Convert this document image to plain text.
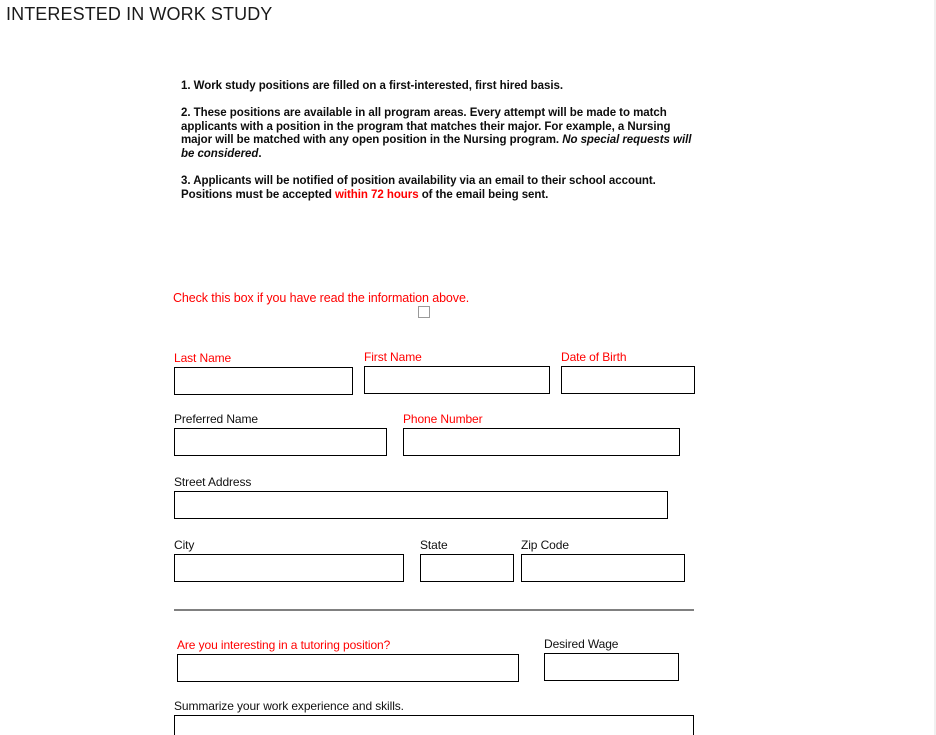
INTERESTED IN WORK STUDY

1. Work study positions are filled on a first-interested, first hired basis.

2. These positions are available in all program areas. Every attempt will be made to match applicants with a position in the program that matches their major. For example, a Nursing major will be matched with any open position in the Nursing program. No special requests will be considered.

3. Applicants will be notified of position availability via an email to their school account. Positions must be accepted within 72 hours of the email being sent.

Check this box if you have read the information above.
Last Name	First Name	Date of Birth
Preferred Name	Phone Number
Street Address
City	State	Zip Code
Are you interesting in a tutoring position?	Desired Wage
Summarize your work experience and skills.
